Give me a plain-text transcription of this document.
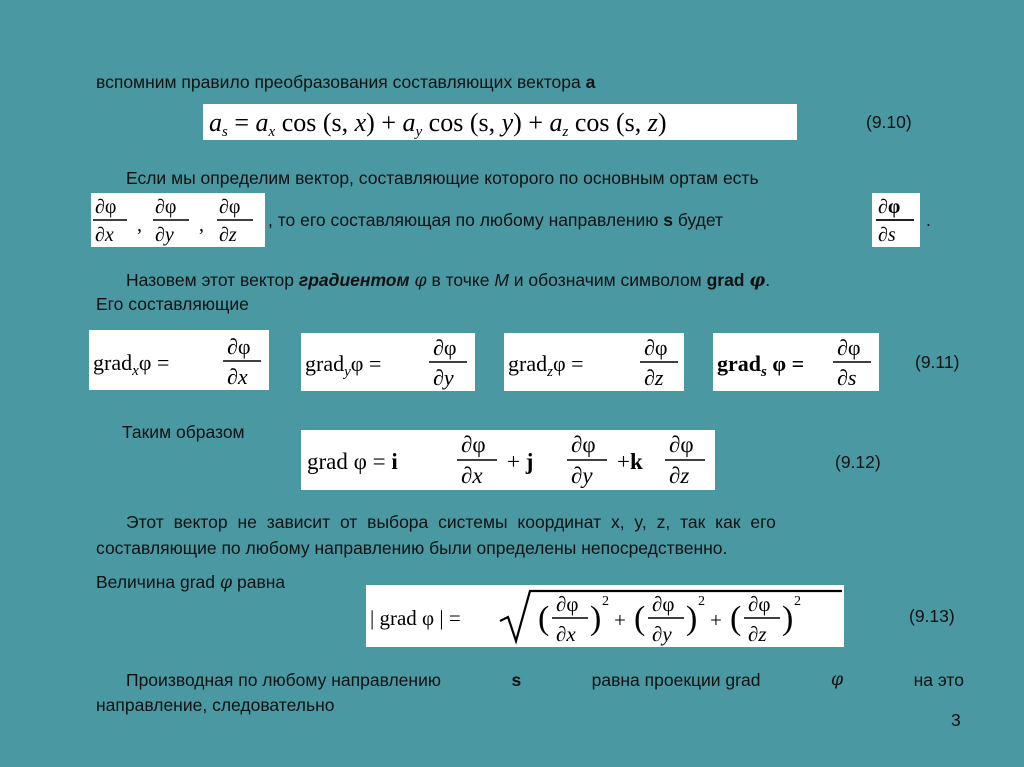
вспомним правило преобразования составляющих вектора a
as = ax cos (s, x) + ay cos (s, y) + az cos (s, z)	(9.10)
Если мы определим вектор, составляющие которого по основным ортам есть
∂φ
∂x ,
∂φ
∂y ,
∂φ
∂z
, то его составляющая по любому направлению s будет
∂φ
∂s
.
Назовем этот вектор градиентом φ в точке М и обозначим символом grad φ.
Его составляющие
grad$_x$φ =
∂φ
∂x
grad$_y$φ =
∂φ
∂y
grad$_z$φ =
∂φ
∂z
grad$_s$ φ =
∂φ
∂s
(9.11)
Таким образом
grad φ = i
∂φ
∂x
+ j
∂φ
∂y
+k
∂φ
∂z
(9.12)
Этот вектор не зависит от выбора системы координат x, y, z, так как его
составляющие по любому направлению были определены непосредственно.
Величина grad φ равна
| grad φ | = ( ∂φ
∂x ) 2
+ ( ∂φ
∂y ) 2
+ ( ∂φ
∂z ) 2
(9.13)
Производная по любому направлению	s	равна проекции grad	φ	на это
направление, следовательно
3
